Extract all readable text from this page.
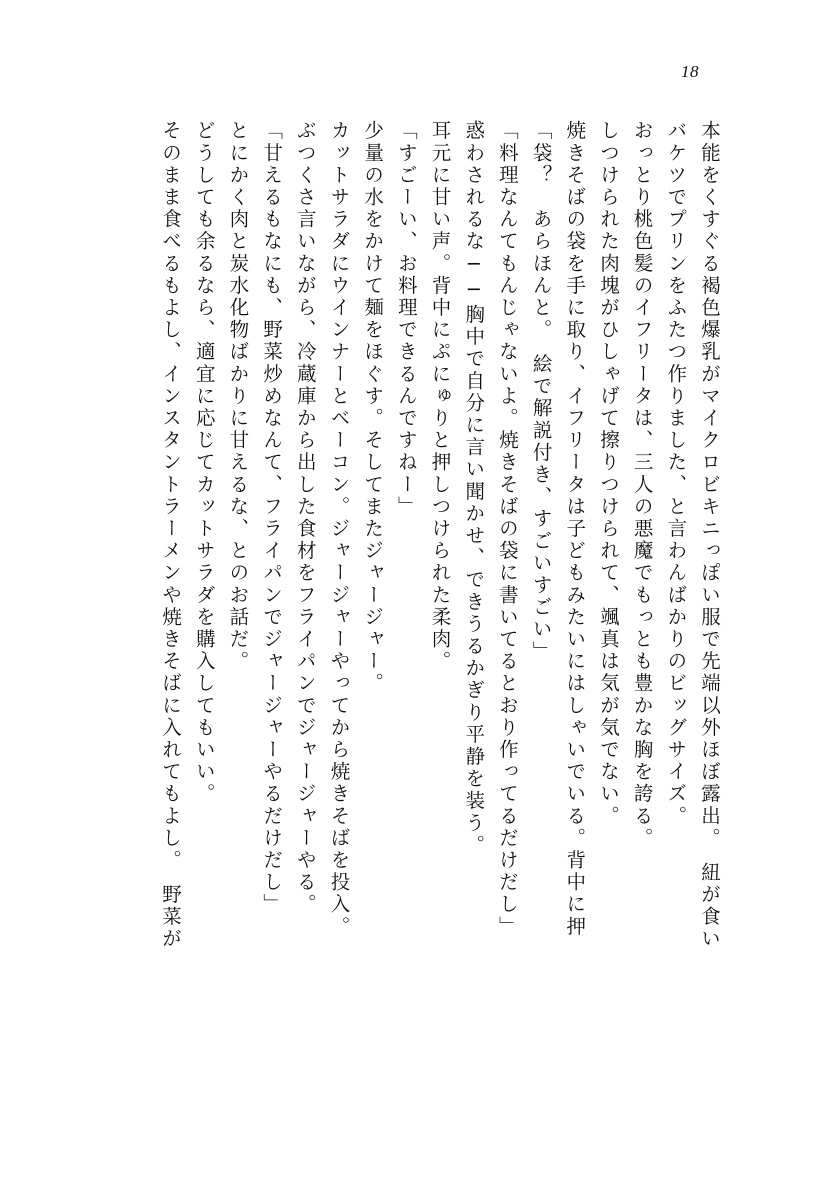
18
そのまま食べるもよし、インスタントラーメンや焼きそばに入れてもよし。　野菜が どうしても余るなら、適宜に応じてカットサラダを購入してもいい。 とにかく肉と炭水化物ばかりに甘えるな、とのお話だ。 「甘えるもなにも、野菜炒めなんて、フライパンでジャージャーやるだけだし」 ぶつくさ言いながら、冷蔵庫から出した食材をフライパンでジャージャーやる。 カットサラダにウインナーとベーコン。ジャージャーやってから焼きそばを投入。 少量の水をかけて麺をほぐす。そしてまたジャージャー。 「すごーい、お料理できるんですねー」 耳元に甘い声。背中にぷにゅりと押しつけられた柔肉。 惑わされるな──胸中で自分に言い聞かせ、できうるかぎり平静を装う。 「料理なんてもんじゃないよ。焼きそばの袋に書いてるとおり作ってるだけだし」 「袋？　あらほんと。　絵で解説付き、すごいすごい」 焼きそばの袋を手に取り、イフリータは子どもみたいにはしゃいでいる。背中に押 しつけられた肉塊がひしゃげて擦りつけられて、颯真は気が気でない。 おっとり桃色髪のイフリータは、三人の悪魔でもっとも豊かな胸を誇る。 バケツでプリンをふたつ作りました、と言わんばかりのビッグサイズ。 本能をくすぐる褐色爆乳がマイクロビキニっぽい服で先端以外ほぼ露出。　紐が食い
